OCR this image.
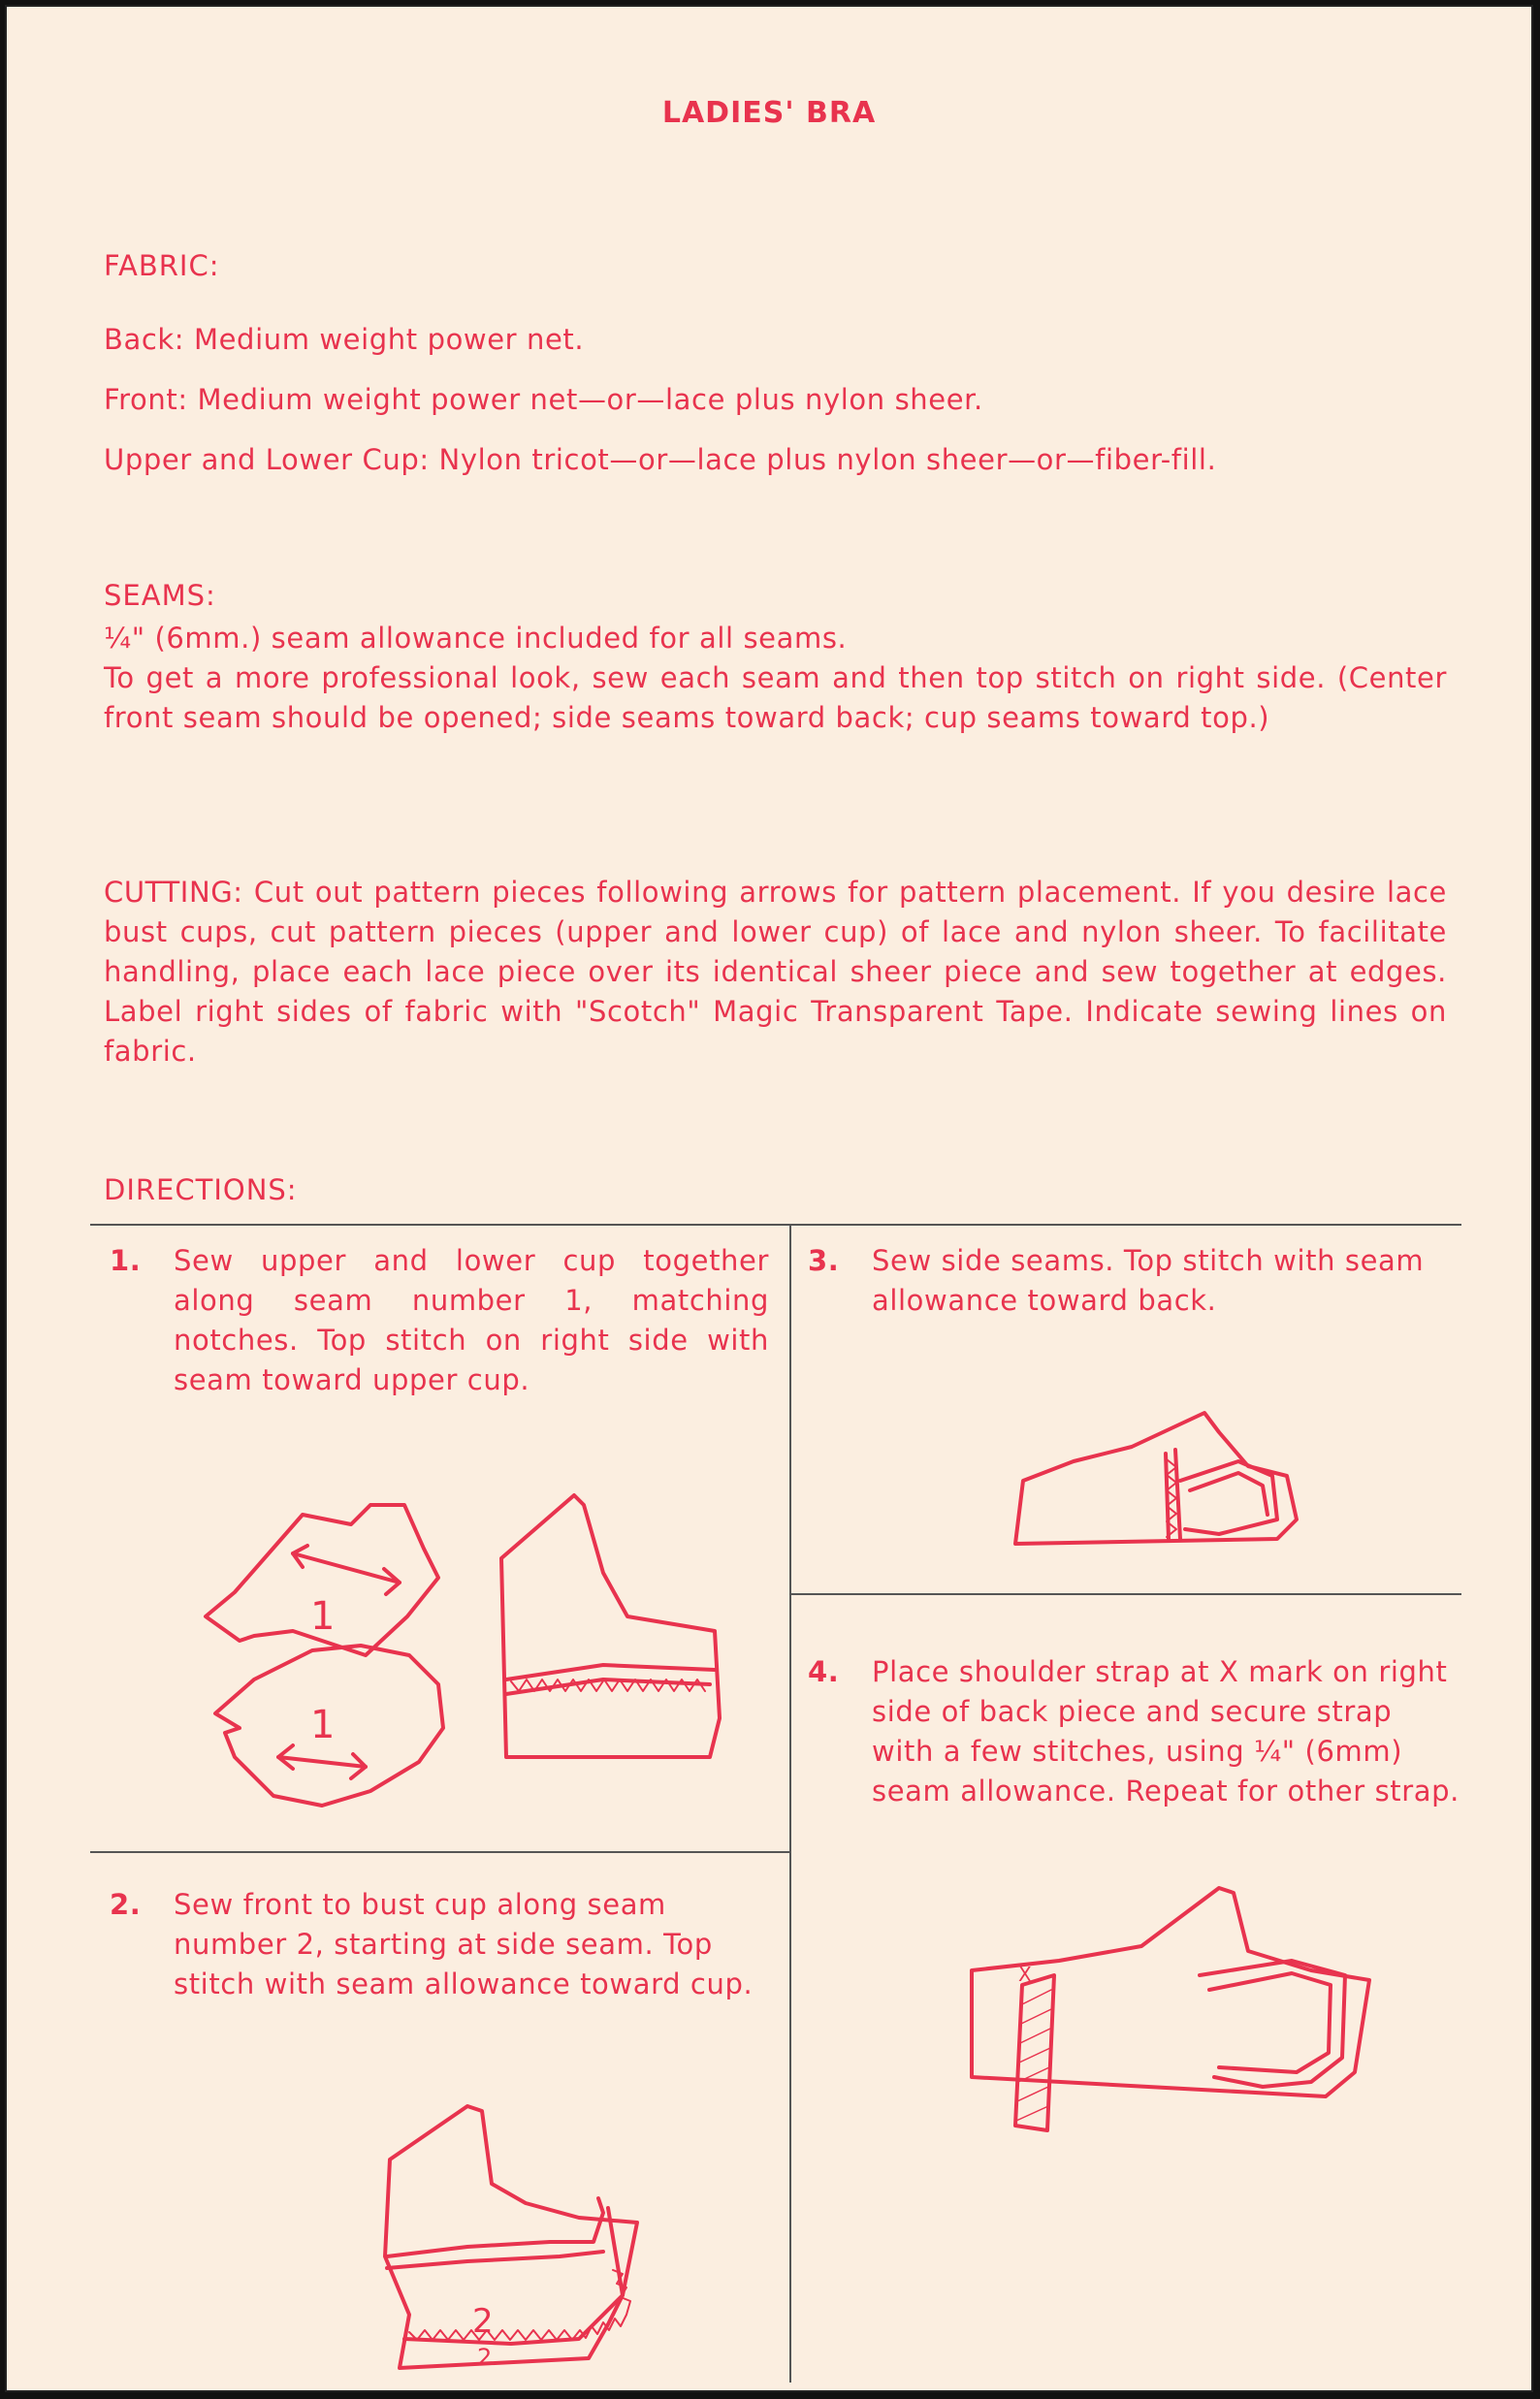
LADIES' BRA
FABRIC:

Back: Medium weight power net.

Front: Medium weight power net—or—lace plus nylon sheer.

Upper and Lower Cup: Nylon tricot—or—lace plus nylon sheer—or—fiber-fill.

SEAMS:

¼" (6mm.) seam allowance included for all seams.

To get a more professional look, sew each seam and then top stitch on right side. (Center front seam should be opened; side seams toward back; cup seams toward top.)

CUTTING: Cut out pattern pieces following arrows for pattern placement. If you desire lace bust cups, cut pattern pieces (upper and lower cup) of lace and nylon sheer. To facilitate handling, place each lace piece over its identical sheer piece and sew together at edges. Label right sides of fabric with "Scotch" Magic Transparent Tape. Indicate sewing lines on fabric.
DIRECTIONS:
1.	Sew upper and lower cup together along seam number 1, matching notches. Top stitch on right side with seam toward upper cup.
1
1
2.	Sew front to bust cup along seam number 2, starting at side seam. Top stitch with seam allowance toward cup.
2
2
3.	Sew side seams. Top stitch with seam allowance toward back.
4.	Place shoulder strap at X mark on right side of back piece and secure strap with a few stitches, using ¼" (6mm) seam allowance. Repeat for other strap.
X
